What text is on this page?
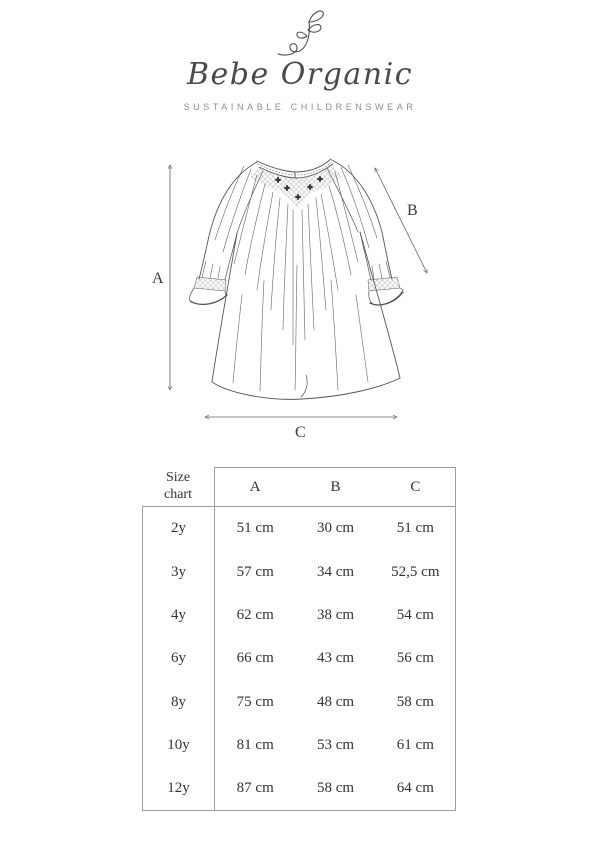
Bebe Organic
SUSTAINABLE CHILDRENSWEAR
A
B
C
Size chart	A	B	C
2y	51 cm	30 cm	51 cm
3y	57 cm	34 cm	52,5 cm
4y	62 cm	38 cm	54 cm
6y	66 cm	43 cm	56 cm
8y	75 cm	48 cm	58 cm
10y	81 cm	53 cm	61 cm
12y	87 cm	58 cm	64 cm
